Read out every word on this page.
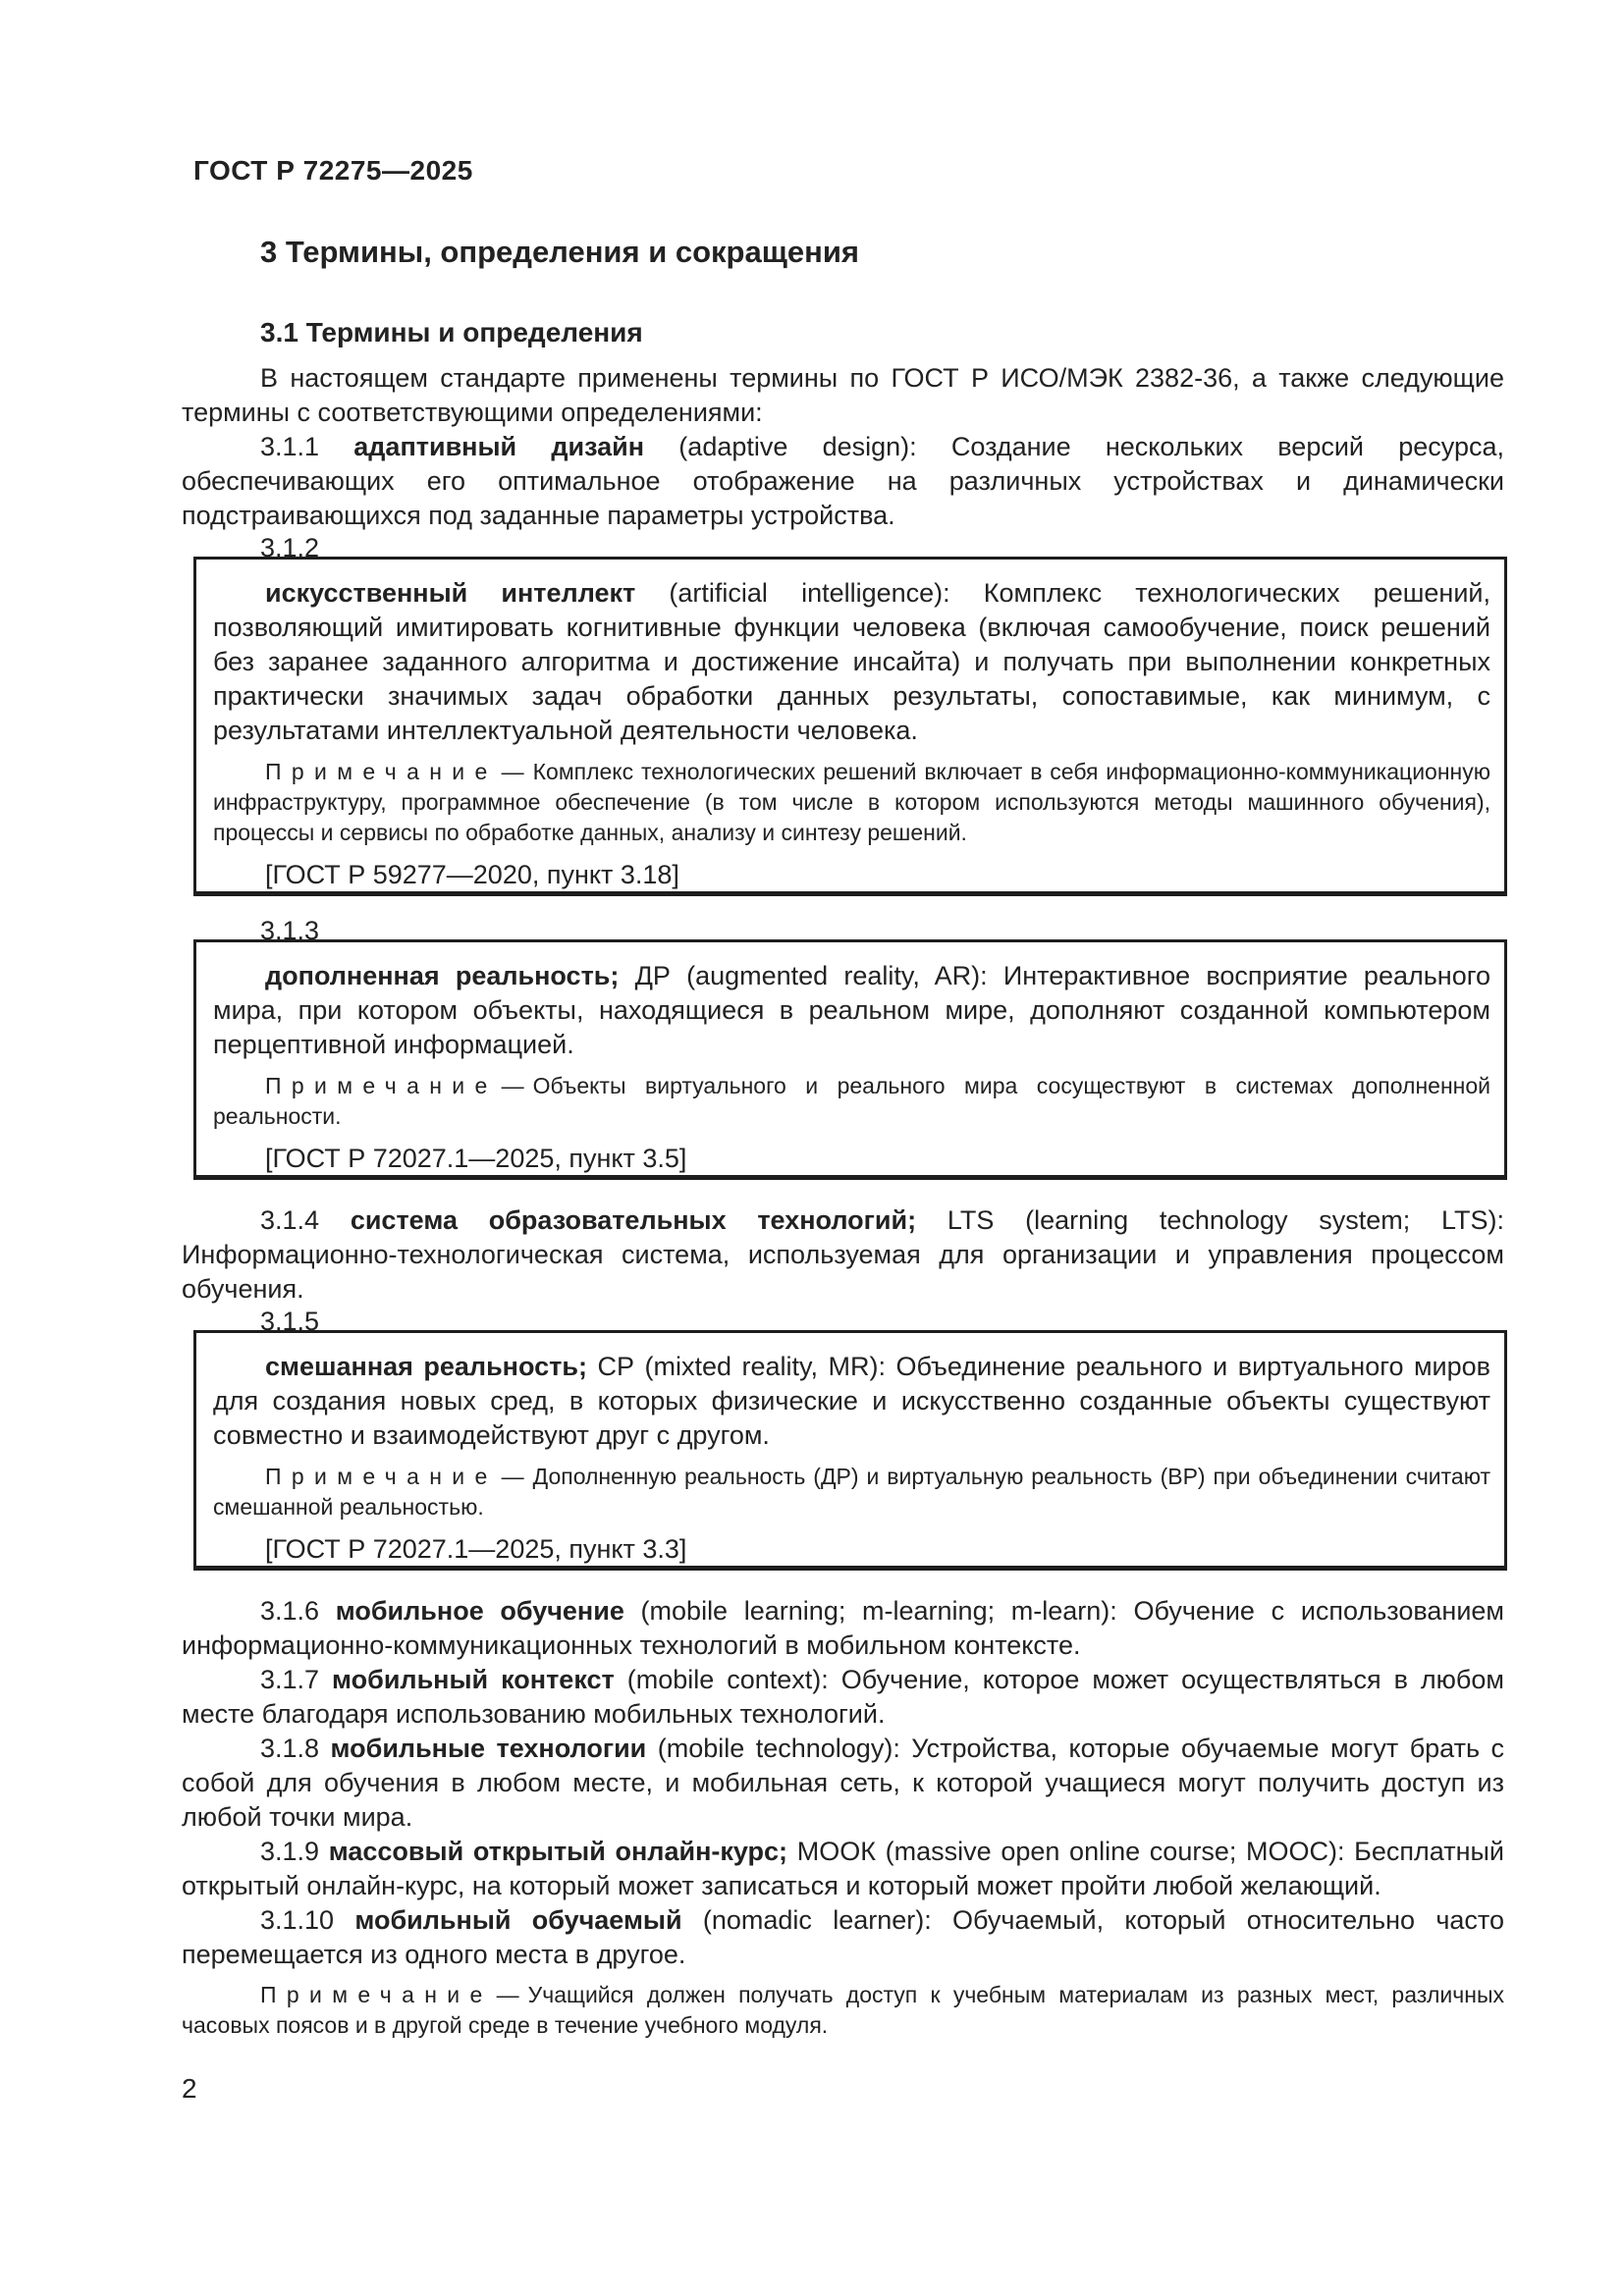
ГОСТ Р 72275—2025
3 Термины, определения и сокращения
3.1 Термины и определения

В настоящем стандарте применены термины по ГОСТ Р ИСО/МЭК 2382-36, а также следующие термины с соответствующими определениями:

3.1.1 адаптивный дизайн (adaptive design): Создание нескольких версий ресурса, обеспечивающих его оптимальное отображение на различных устройствах и динамически подстраивающихся под заданные параметры устройства.

3.1.2

искусственный интеллект (artificial intelligence): Комплекс технологических решений, позволяющий имитировать когнитивные функции человека (включая самообучение, поиск решений без заранее заданного алгоритма и достижение инсайта) и получать при выполнении конкретных практически значимых задач обработки данных результаты, сопоставимые, как минимум, с результатами интеллектуальной деятельности человека.

Примечание — Комплекс технологических решений включает в себя информационно-коммуникационную инфраструктуру, программное обеспечение (в том числе в котором используются методы машинного обучения), процессы и сервисы по обработке данных, анализу и синтезу решений.

[ГОСТ Р 59277—2020, пункт 3.18]

3.1.3

дополненная реальность; ДР (augmented reality, AR): Интерактивное восприятие реального мира, при котором объекты, находящиеся в реальном мире, дополняют созданной компьютером перцептивной информацией.

Примечание — Объекты виртуального и реального мира сосуществуют в системах дополненной реальности.

[ГОСТ Р 72027.1—2025, пункт 3.5]

3.1.4 система образовательных технологий; LTS (learning technology system; LTS): Информационно-технологическая система, используемая для организации и управления процессом обучения.

3.1.5

смешанная реальность; СР (mixted reality, MR): Объединение реального и виртуального миров для создания новых сред, в которых физические и искусственно созданные объекты существуют совместно и взаимодействуют друг с другом.

Примечание — Дополненную реальность (ДР) и виртуальную реальность (ВР) при объединении считают смешанной реальностью.

[ГОСТ Р 72027.1—2025, пункт 3.3]

3.1.6 мобильное обучение (mobile learning; m-learning; m-learn): Обучение с использованием информационно-коммуникационных технологий в мобильном контексте.

3.1.7 мобильный контекст (mobile context): Обучение, которое может осуществляться в любом месте благодаря использованию мобильных технологий.

3.1.8 мобильные технологии (mobile technology): Устройства, которые обучаемые могут брать с собой для обучения в любом месте, и мобильная сеть, к которой учащиеся могут получить доступ из любой точки мира.

3.1.9 массовый открытый онлайн-курс; МООК (massive open online course; MOOC): Бесплатный открытый онлайн-курс, на который может записаться и который может пройти любой желающий.

3.1.10 мобильный обучаемый (nomadic learner): Обучаемый, который относительно часто перемещается из одного места в другое.

Примечание — Учащийся должен получать доступ к учебным материалам из разных мест, различных часовых поясов и в другой среде в течение учебного модуля.

2
